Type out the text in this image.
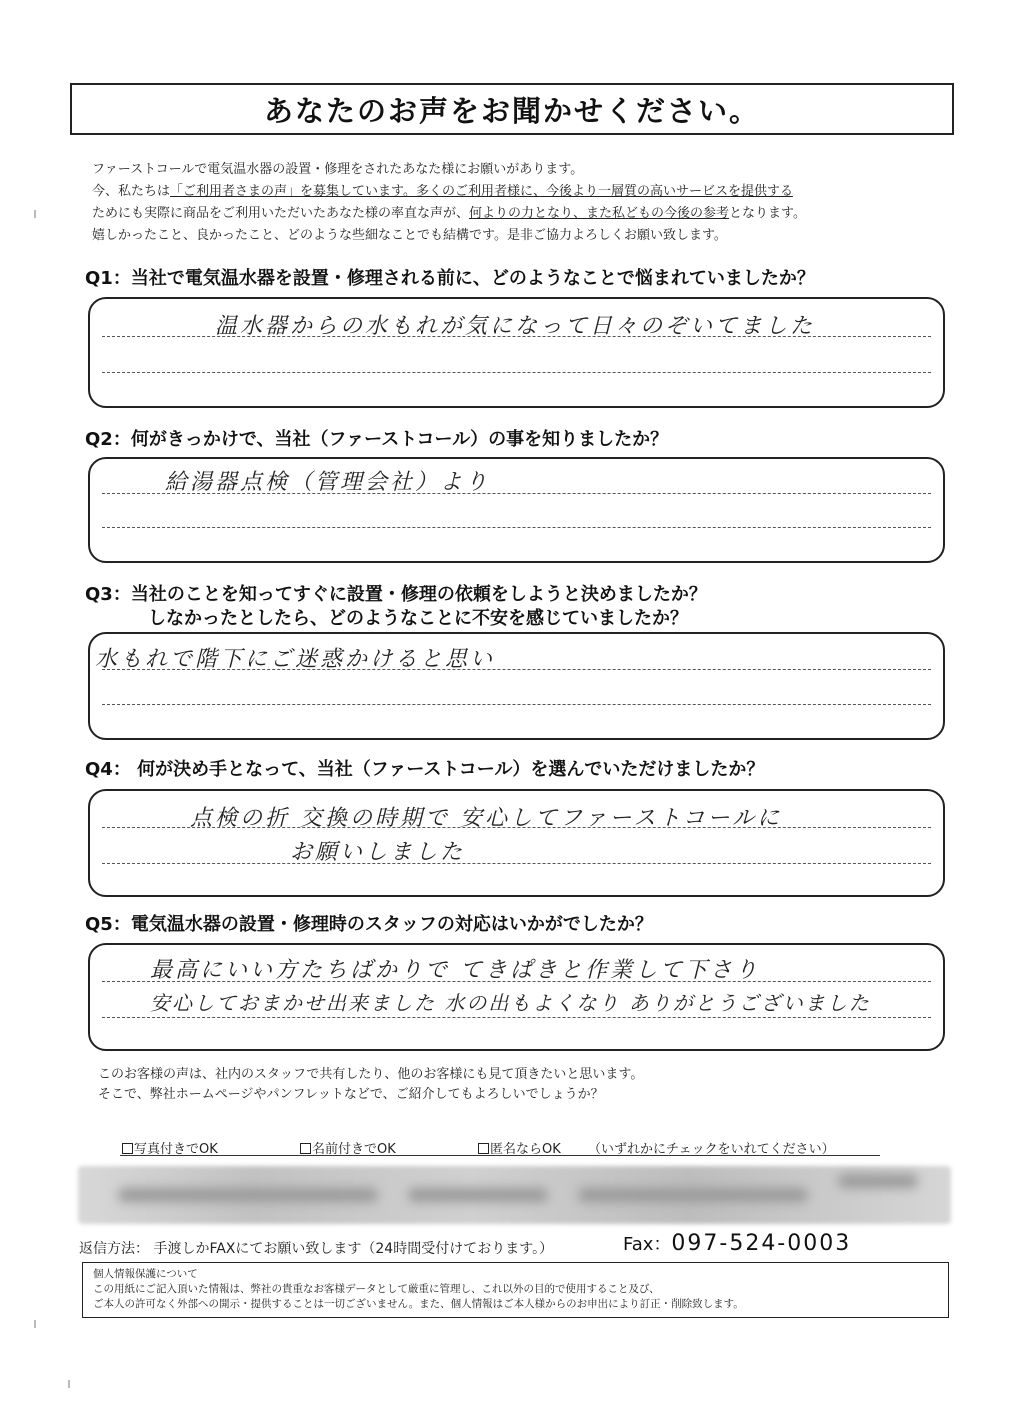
あなたのお声をお聞かせください。
ファーストコールで電気温水器の設置・修理をされたあなた様にお願いがあります。
今、私たちは「ご利用者さまの声」を募集しています。多くのご利用者様に、今後より一層質の高いサービスを提供する
ためにも実際に商品をご利用いただいたあなた様の率直な声が、何よりの力となり、また私どもの今後の参考となります。
嬉しかったこと、良かったこと、どのような些細なことでも結構です。是非ご協力よろしくお願い致します。
Q1：当社で電気温水器を設置・修理される前に、どのようなことで悩まれていましたか？
温水器からの水もれが気になって日々のぞいてました
Q2：何がきっかけで、当社（ファーストコール）の事を知りましたか？
給湯器点検（管理会社）より
Q3：当社のことを知ってすぐに設置・修理の依頼をしようと決めましたか？
しなかったとしたら、どのようなことに不安を感じていましたか？
水もれで階下にご迷惑かけると思い
Q4： 何が決め手となって、当社（ファーストコール）を選んでいただけましたか？
点検の折 交換の時期で 安心してファーストコールに
お願いしました
Q5：電気温水器の設置・修理時のスタッフの対応はいかがでしたか？
最高にいい方たちばかりで てきぱきと作業して下さり
安心しておまかせ出来ました 水の出もよくなり ありがとうございました
このお客様の声は、社内のスタッフで共有したり、他のお客様にも見て頂きたいと思います。
そこで、弊社ホームページやパンフレットなどで、ご紹介してもよろしいでしょうか？
写真付きでOK	名前付きでOK	匿名ならOK （いずれかにチェックをいれてください）
返信方法： 手渡しかFAXにてお願い致します（24時間受付けております。）	Fax：097-524-0003
個人情報保護について
この用紙にご記入頂いた情報は、弊社の貴重なお客様データとして厳重に管理し、これ以外の目的で使用すること及び、
ご本人の許可なく外部への開示・提供することは一切ございません。また、個人情報はご本人様からのお申出により訂正・削除致します。
